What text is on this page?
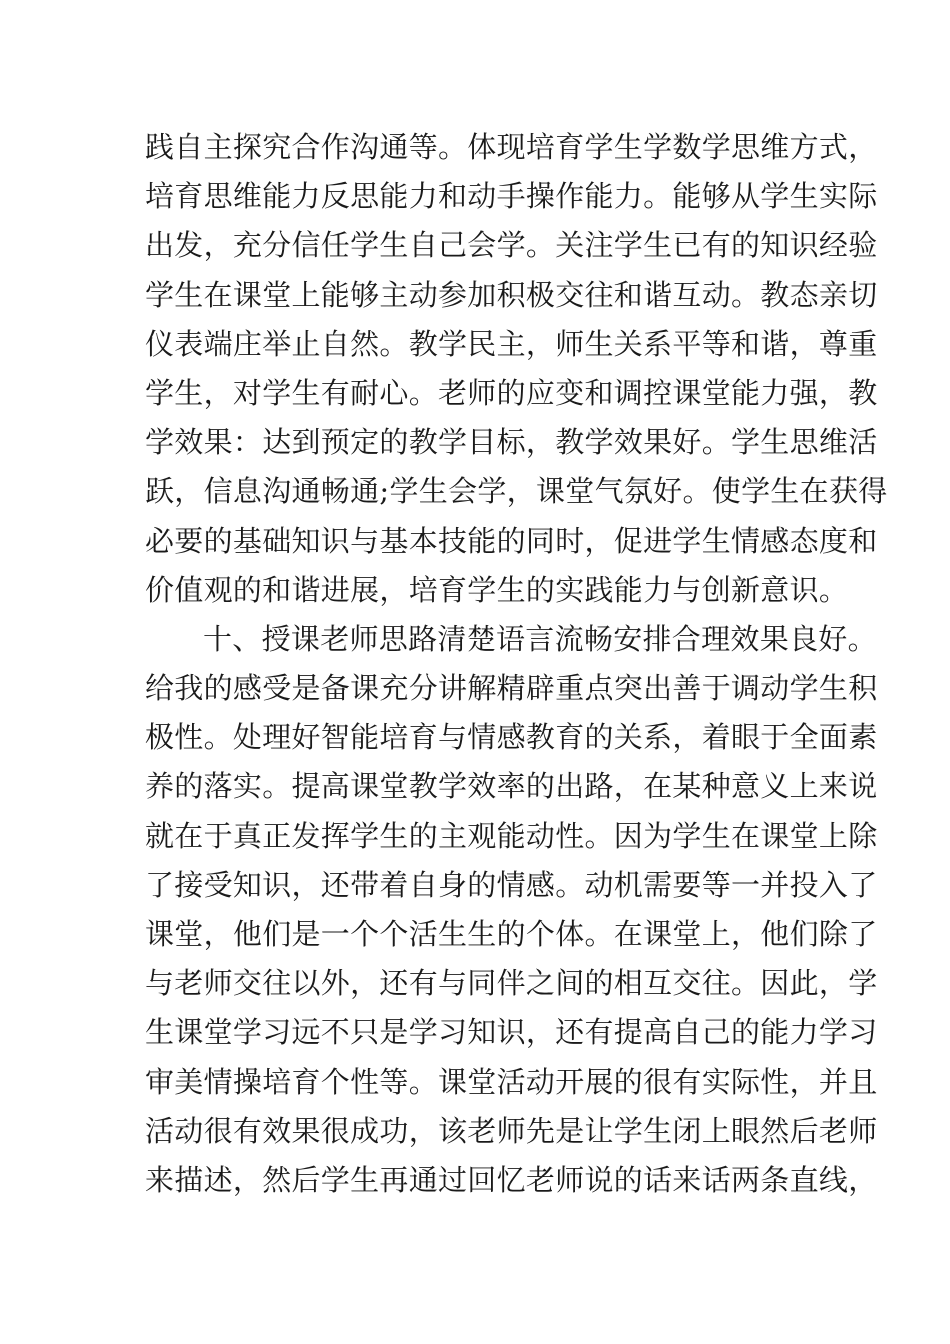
践自主探究合作沟通等。体现培育学生学数学思维方式，
培育思维能力反思能力和动手操作能力。能够从学生实际
出发，充分信任学生自己会学。关注学生已有的知识经验
学生在课堂上能够主动参加积极交往和谐互动。教态亲切
仪表端庄举止自然。教学民主，师生关系平等和谐，尊重
学生，对学生有耐心。老师的应变和调控课堂能力强，教
学效果：达到预定的教学目标，教学效果好。学生思维活
跃，信息沟通畅通;学生会学，课堂气氛好。使学生在获得
必要的基础知识与基本技能的同时，促进学生情感态度和
价值观的和谐进展，培育学生的实践能力与创新意识。
十、授课老师思路清楚语言流畅安排合理效果良好。
给我的感受是备课充分讲解精辟重点突出善于调动学生积
极性。处理好智能培育与情感教育的关系，着眼于全面素
养的落实。提高课堂教学效率的出路，在某种意义上来说
就在于真正发挥学生的主观能动性。因为学生在课堂上除
了接受知识，还带着自身的情感。动机需要等一并投入了
课堂，他们是一个个活生生的个体。在课堂上，他们除了
与老师交往以外，还有与同伴之间的相互交往。因此，学
生课堂学习远不只是学习知识，还有提高自己的能力学习
审美情操培育个性等。课堂活动开展的很有实际性，并且
活动很有效果很成功，该老师先是让学生闭上眼然后老师
来描述，然后学生再通过回忆老师说的话来话两条直线，
